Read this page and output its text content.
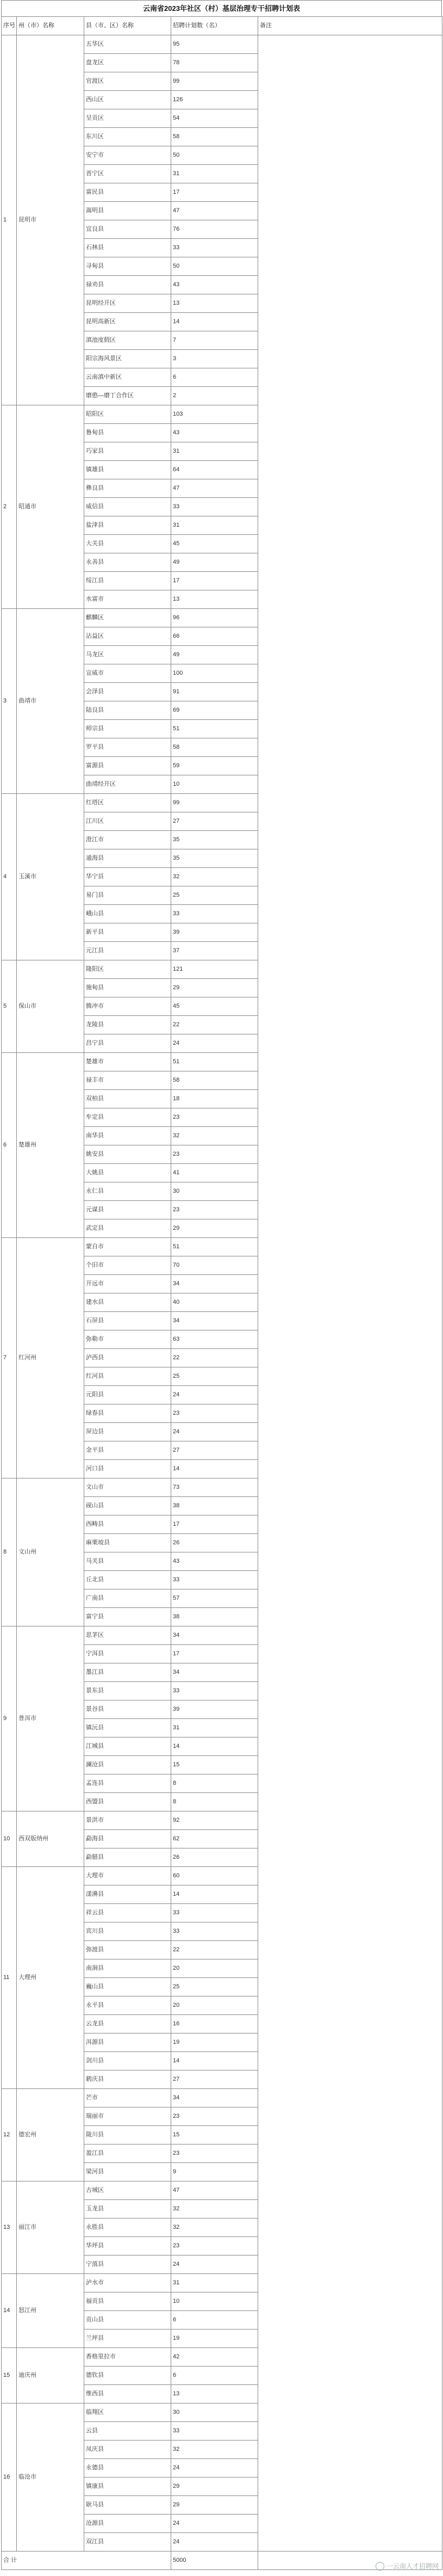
云南省2023年社区（村）基层治理专干招聘计划表
序号	州（市）名称	县（市、区）名称	招聘计划数（名）	备注
1	昆明市	五华区	95	
		盘龙区	78	
		官渡区	99	
		西山区	126	
		呈贡区	54	
		东川区	58	
		安宁市	50	
		晋宁区	31	
		富民县	17	
		嵩明县	47	
		宜良县	76	
		石林县	33	
		寻甸县	50	
		禄劝县	43	
		昆明经开区	13	
		昆明高新区	14	
		滇池度假区	7	
		阳宗海风景区	3	
		云南滇中新区	6	
		磨憨—磨丁合作区	2	
2	昭通市	昭阳区	103	
		鲁甸县	43	
		巧家县	31	
		镇雄县	64	
		彝良县	47	
		威信县	33	
		盐津县	31	
		大关县	45	
		永善县	49	
		绥江县	17	
		水富市	13	
3	曲靖市	麒麟区	96	
		沾益区	66	
		马龙区	49	
		宣威市	100	
		会泽县	91	
		陆良县	69	
		师宗县	51	
		罗平县	58	
		富源县	59	
		曲靖经开区	10	
4	玉溪市	红塔区	99	
		江川区	27	
		澄江市	35	
		通海县	35	
		华宁县	32	
		易门县	25	
		峨山县	33	
		新平县	39	
		元江县	37	
5	保山市	隆阳区	121	
		施甸县	29	
		腾冲市	45	
		龙陵县	22	
		昌宁县	24	
6	楚雄州	楚雄市	51	
		禄丰市	58	
		双柏县	18	
		牟定县	23	
		南华县	32	
		姚安县	23	
		大姚县	41	
		永仁县	30	
		元谋县	23	
		武定县	29	
7	红河州	蒙自市	51	
		个旧市	70	
		开远市	34	
		建水县	40	
		石屏县	34	
		弥勒市	63	
		泸西县	22	
		红河县	25	
		元阳县	24	
		绿春县	23	
		屏边县	24	
		金平县	27	
		河口县	14	
8	文山州	文山市	73	
		砚山县	38	
		西畴县	17	
		麻栗坡县	26	
		马关县	43	
		丘北县	33	
		广南县	57	
		富宁县	38	
9	普洱市	思茅区	34	
		宁洱县	17	
		墨江县	34	
		景东县	33	
		景谷县	39	
		镇沅县	31	
		江城县	14	
		澜沧县	15	
		孟连县	8	
		西盟县	8	
10	西双版纳州	景洪市	92	
		勐海县	62	
		勐腊县	26	
11	大理州	大理市	60	
		漾濞县	14	
		祥云县	33	
		宾川县	33	
		弥渡县	22	
		南涧县	20	
		巍山县	25	
		永平县	20	
		云龙县	16	
		洱源县	19	
		剑川县	14	
		鹤庆县	27	
12	德宏州	芒市	34	
		瑞丽市	23	
		陇川县	15	
		盈江县	23	
		梁河县	9	
13	丽江市	古城区	47	
		玉龙县	32	
		永胜县	32	
		华坪县	23	
		宁蒗县	24	
14	怒江州	泸水市	31	
		福贡县	10	
		贡山县	6	
		兰坪县	19	
15	迪庆州	香格里拉市	42	
		德钦县	6	
		维西县	13	
16	临沧市	临翔区	30	
		云县	33	
		凤庆县	32	
		永德县	24	
		镇康县	29	
		耿马县	29	
		沧源县	24	
		双江县	24	
合 计			5000	
一云南人才招聘网
